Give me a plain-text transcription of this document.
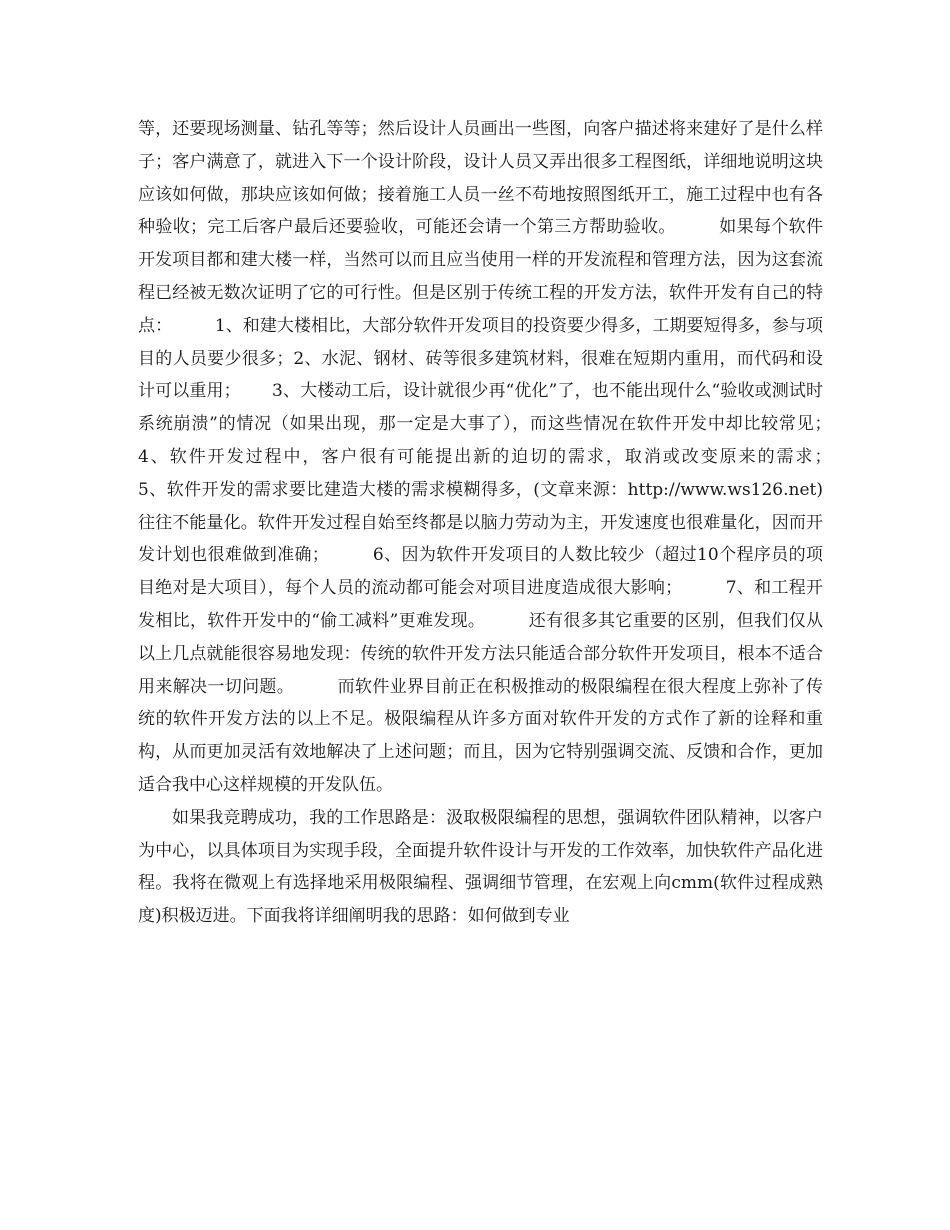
等，还要现场测量、钻孔等等；然后设计人员画出一些图，向客户描述将来建好了是什么样子；客户满意了，就进入下一个设计阶段，设计人员又弄出很多工程图纸，详细地说明这块应该如何做，那块应该如何做；接着施工人员一丝不苟地按照图纸开工，施工过程中也有各种验收；完工后客户最后还要验收，可能还会请一个第三方帮助验收。　　　如果每个软件开发项目都和建大楼一样，当然可以而且应当使用一样的开发流程和管理方法，因为这套流程已经被无数次证明了它的可行性。但是区别于传统工程的开发方法，软件开发有自己的特点：　　　1、和建大楼相比，大部分软件开发项目的投资要少得多，工期要短得多，参与项目的人员要少很多；2、水泥、钢材、砖等很多建筑材料，很难在短期内重用，而代码和设计可以重用；　　 3、大楼动工后，设计就很少再“优化”了，也不能出现什么“验收或测试时系统崩溃”的情况（如果出现，那一定是大事了），而这些情况在软件开发中却比较常见；　　　4、软件开发过程中，客户很有可能提出新的迫切的需求，取消或改变原来的需求；　　　5、软件开发的需求要比建造大楼的需求模糊得多，(文章来源：http://www.ws126.net)往往不能量化。软件开发过程自始至终都是以脑力劳动为主，开发速度也很难量化，因而开发计划也很难做到准确；　　　6、因为软件开发项目的人数比较少（超过10个程序员的项目绝对是大项目），每个人员的流动都可能会对项目进度造成很大影响；　　　7、和工程开发相比，软件开发中的“偷工减料”更难发现。　　　还有很多其它重要的区别，但我们仅从以上几点就能很容易地发现：传统的软件开发方法只能适合部分软件开发项目，根本不适合用来解决一切问题。　　　而软件业界目前正在积极推动的极限编程在很大程度上弥补了传统的软件开发方法的以上不足。极限编程从许多方面对软件开发的方式作了新的诠释和重构，从而更加灵活有效地解决了上述问题；而且，因为它特别强调交流、反馈和合作，更加适合我中心这样规模的开发队伍。

如果我竞聘成功，我的工作思路是：汲取极限编程的思想，强调软件团队精神，以客户为中心，以具体项目为实现手段，全面提升软件设计与开发的工作效率，加快软件产品化进程。我将在微观上有选择地采用极限编程、强调细节管理，在宏观上向cmm(软件过程成熟度)积极迈进。下面我将详细阐明我的思路：如何做到专业
